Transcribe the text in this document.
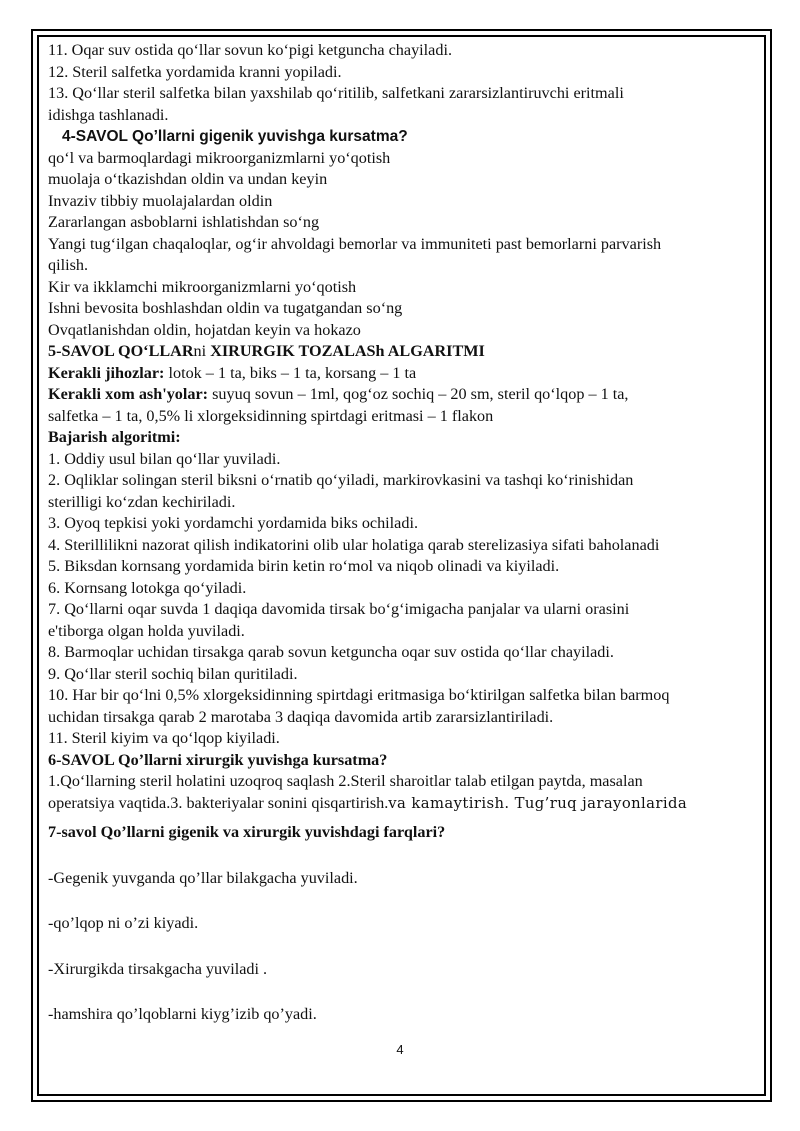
11. Oqar suv ostida qo‘llar sovun ko‘pigi ketguncha chayiladi.
12. Steril salfetka yordamida kranni yopiladi.
13. Qo‘llar steril salfetka bilan yaxshilab qo‘ritilib, salfetkani zararsizlantiruvchi eritmali
idishga tashlanadi.
4-SAVOL Qo’llarni gigenik yuvishga kursatma?
qo‘l va barmoqlardagi mikroorganizmlarni yo‘qotish
muolaja o‘tkazishdan oldin va undan keyin
Invaziv tibbiy muolajalardan oldin
Zararlangan asboblarni ishlatishdan so‘ng
Yangi tug‘ilgan chaqaloqlar, og‘ir ahvoldagi bemorlar va immuniteti past bemorlarni parvarish
qilish.
Kir va ikklamchi mikroorganizmlarni yo‘qotish
Ishni bevosita boshlashdan oldin va tugatgandan so‘ng
Ovqatlanishdan oldin, hojatdan keyin va hokazo
5-SAVOL QO‘LLARni XIRURGIK TOZALASh ALGARITMI
Kerakli jihozlar: lotok – 1 ta, biks – 1 ta, korsang – 1 ta
Kerakli xom ash'yolar: suyuq sovun – 1ml, qog‘oz sochiq – 20 sm, steril qo‘lqop – 1 ta,
salfetka – 1 ta, 0,5% li xlorgeksidinning spirtdagi eritmasi – 1 flakon
Bajarish algoritmi:
1. Oddiy usul bilan qo‘llar yuviladi.
2. Oqliklar solingan steril biksni o‘rnatib qo‘yiladi, markirovkasini va tashqi ko‘rinishidan
sterilligi ko‘zdan kechiriladi.
3. Oyoq tepkisi yoki yordamchi yordamida biks ochiladi.
4. Sterillilikni nazorat qilish indikatorini olib ular holatiga qarab sterelizasiya sifati baholanadi
5. Biksdan kornsang yordamida birin ketin ro‘mol va niqob olinadi va kiyiladi.
6. Kornsang lotokga qo‘yiladi.
7. Qo‘llarni oqar suvda 1 daqiqa davomida tirsak bo‘g‘imigacha panjalar va ularni orasini
e'tiborga olgan holda yuviladi.
8. Barmoqlar uchidan tirsakga qarab sovun ketguncha oqar suv ostida qo‘llar chayiladi.
9. Qo‘llar steril sochiq bilan quritiladi.
10. Har bir qo‘lni 0,5% xlorgeksidinning spirtdagi eritmasiga bo‘ktirilgan salfetka bilan barmoq
uchidan tirsakga qarab 2 marotaba 3 daqiqa davomida artib zararsizlantiriladi.
11. Steril kiyim va qo‘lqop kiyiladi.
6-SAVOL Qo’llarni xirurgik yuvishga kursatma?
1.Qo‘llarning steril holatini uzoqroq saqlash 2.Steril sharoitlar talab etilgan paytda, masalan
operatsiya vaqtida.3. bakteriyalar sonini qisqartirish.va kamaytirish. Tug’ruq jarayonlarida
7-savol Qo’llarni gigenik va xirurgik yuvishdagi farqlari?
-Gegenik yuvganda qo’llar bilakgacha yuviladi.
-qo’lqop ni o’zi kiyadi.
-Xirurgikda tirsakgacha yuviladi .
-hamshira qo’lqoblarni kiyg’izib qo’yadi.
4
